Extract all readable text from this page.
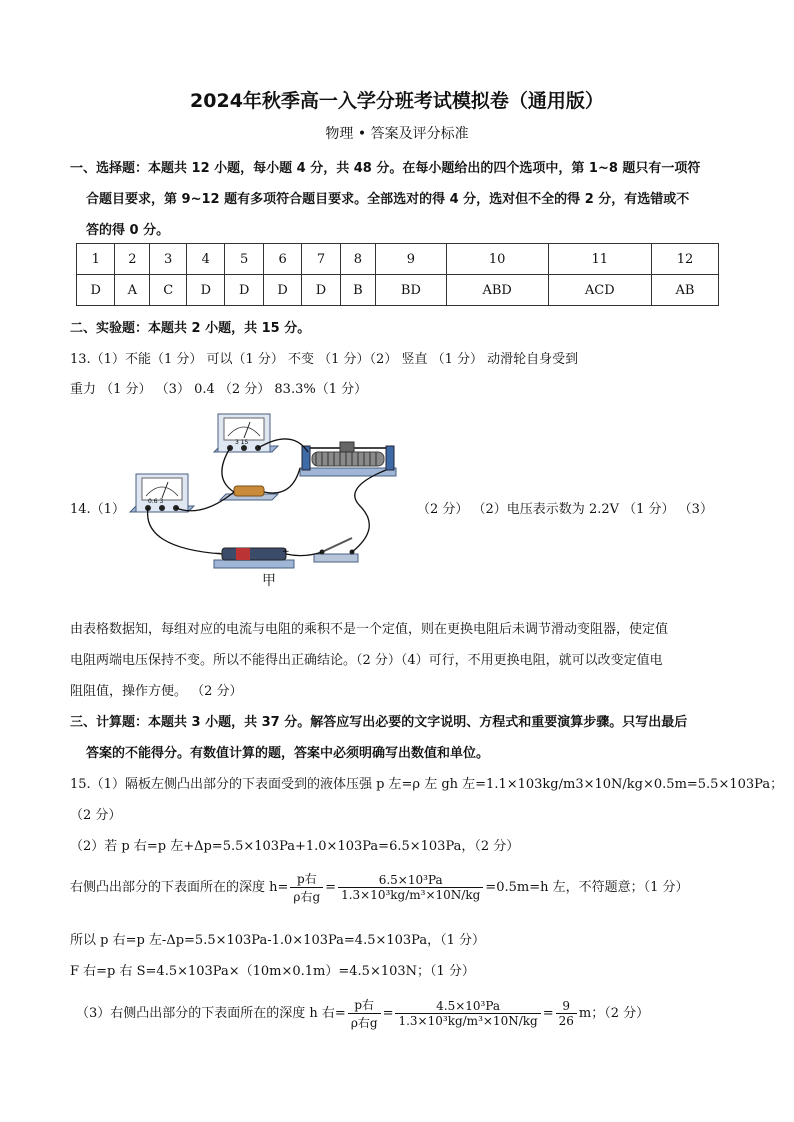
2024年秋季高一入学分班考试模拟卷（通用版）
物理 • 答案及评分标准
一、选择题：本题共 12 小题，每小题 4 分，共 48 分。在每小题给出的四个选项中，第 1~8 题只有一项符
合题目要求，第 9~12 题有多项符合题目要求。全部选对的得 4 分，选对但不全的得 2 分，有选错或不
答的得 0 分。
1	2	3	4	5	6	7	8	9	10	11	12
D	A	C	D	D	D	D	B	BD	ABD	ACD	AB
二、实验题：本题共 2 小题，共 15 分。
13.（1）不能（1 分） 可以（1 分） 不变 （1 分）（2） 竖直 （1 分） 动滑轮自身受到
重力 （1 分） （3） 0.4 （2 分） 83.3%（1 分）
14.（1）	（2 分） （2）电压表示数为 2.2V （1 分） （3）
3 15
0.6 3
−	+
甲
由表格数据知，每组对应的电流与电阻的乘积不是一个定值，则在更换电阻后未调节滑动变阻器，使定值
电阻两端电压保持不变。所以不能得出正确结论。（2 分）（4）可行，不用更换电阻，就可以改变定值电
阻阻值，操作方便。 （2 分）
三、计算题：本题共 3 小题，共 37 分。解答应写出必要的文字说明、方程式和重要演算步骤。只写出最后
答案的不能得分。有数值计算的题，答案中必须明确写出数值和单位。
15.（1）隔板左侧凸出部分的下表面受到的液体压强 p 左=ρ 左 gh 左=1.1×103kg/m3×10N/kg×0.5m=5.5×103Pa；
（2 分）
（2）若 p 右=p 左+Δp=5.5×103Pa+1.0×103Pa=6.5×103Pa，（2 分）
右侧凸出部分的下表面所在的深度 $h= \frac{\text{p右}}{\text{ρ右g}} = \frac{\text{6.5×10³Pa}}{\text{1.3×10³kg/m³×10N/kg}} =0.5m=h$ 左，不符题意；（1 分）
所以 p 右=p 左-Δp=5.5×103Pa-1.0×103Pa=4.5×103Pa，（1 分）
F 右=p 右 S=4.5×103Pa×（10m×0.1m）=4.5×103N；（1 分）
（3）右侧凸出部分的下表面所在的深度 h 右= $\frac{\text{p右}}{\text{ρ右g}} = \frac{\text{4.5×10³Pa}}{\text{1.3×10³kg/m³×10N/kg}} = \frac{9}{26}$ m；（2 分）
